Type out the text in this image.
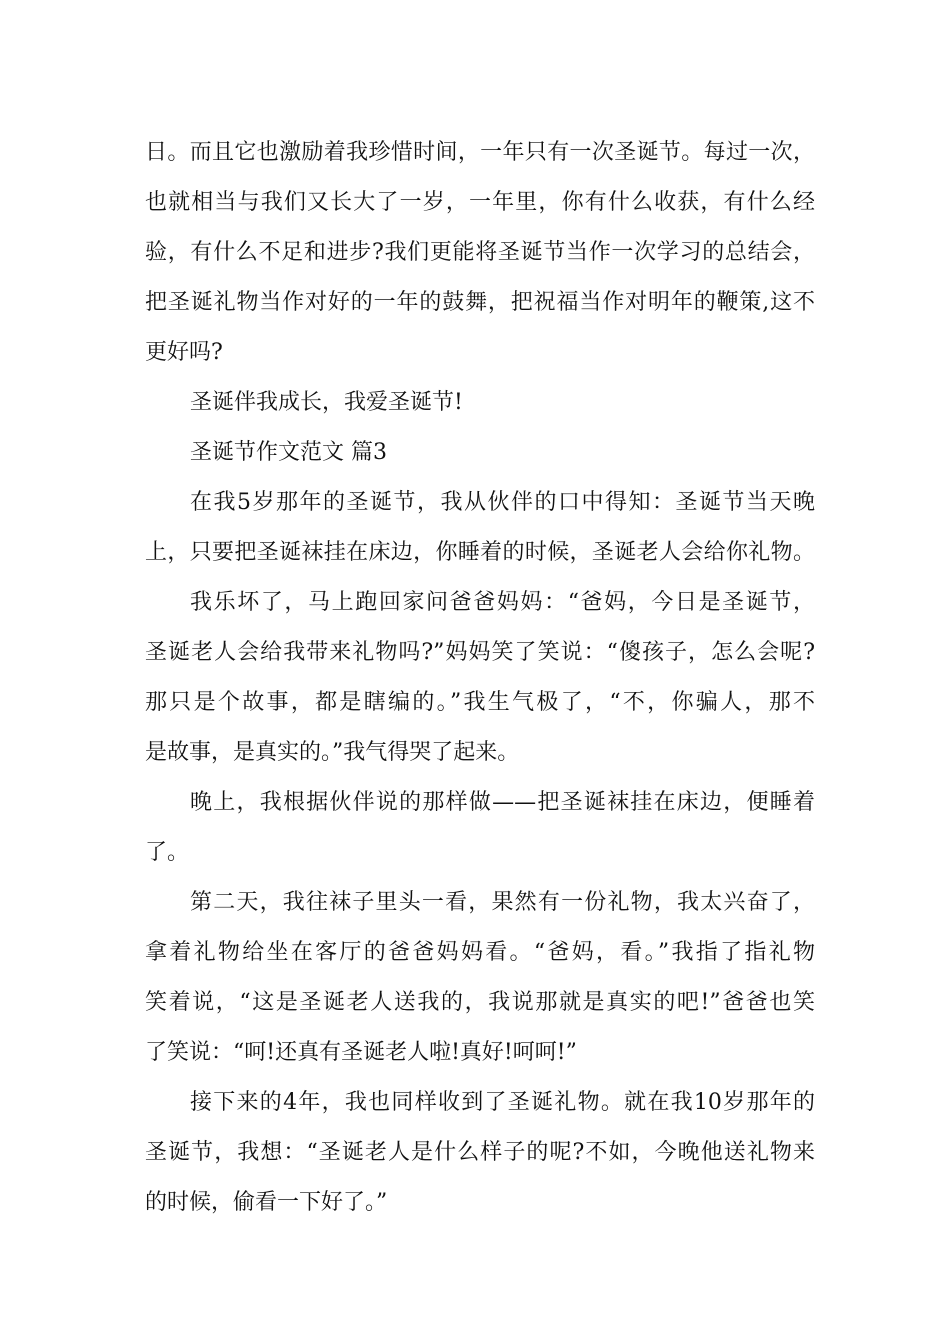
日。而且它也激励着我珍惜时间，一年只有一次圣诞节。每过一次，
也就相当与我们又长大了一岁，一年里，你有什么收获，有什么经
验，有什么不足和进步?我们更能将圣诞节当作一次学习的总结会，
把圣诞礼物当作对好的一年的鼓舞，把祝福当作对明年的鞭策,这不
更好吗?
圣诞伴我成长，我爱圣诞节!
圣诞节作文范文 篇3
在我5岁那年的圣诞节，我从伙伴的口中得知：圣诞节当天晚
上，只要把圣诞袜挂在床边，你睡着的时候，圣诞老人会给你礼物。
我乐坏了，马上跑回家问爸爸妈妈：“爸妈，今日是圣诞节，
圣诞老人会给我带来礼物吗?”妈妈笑了笑说：“傻孩子，怎么会呢?
那只是个故事，都是瞎编的。”我生气极了，“不，你骗人，那不
是故事，是真实的。”我气得哭了起来。
晚上，我根据伙伴说的那样做——把圣诞袜挂在床边，便睡着
了。
第二天，我往袜子里头一看，果然有一份礼物，我太兴奋了，
拿着礼物给坐在客厅的爸爸妈妈看。“爸妈，看。”我指了指礼物
笑着说，“这是圣诞老人送我的，我说那就是真实的吧!”爸爸也笑
了笑说：“呵!还真有圣诞老人啦!真好!呵呵!”
接下来的4年，我也同样收到了圣诞礼物。就在我10岁那年的
圣诞节，我想：“圣诞老人是什么样子的呢?不如，今晚他送礼物来
的时候，偷看一下好了。”
